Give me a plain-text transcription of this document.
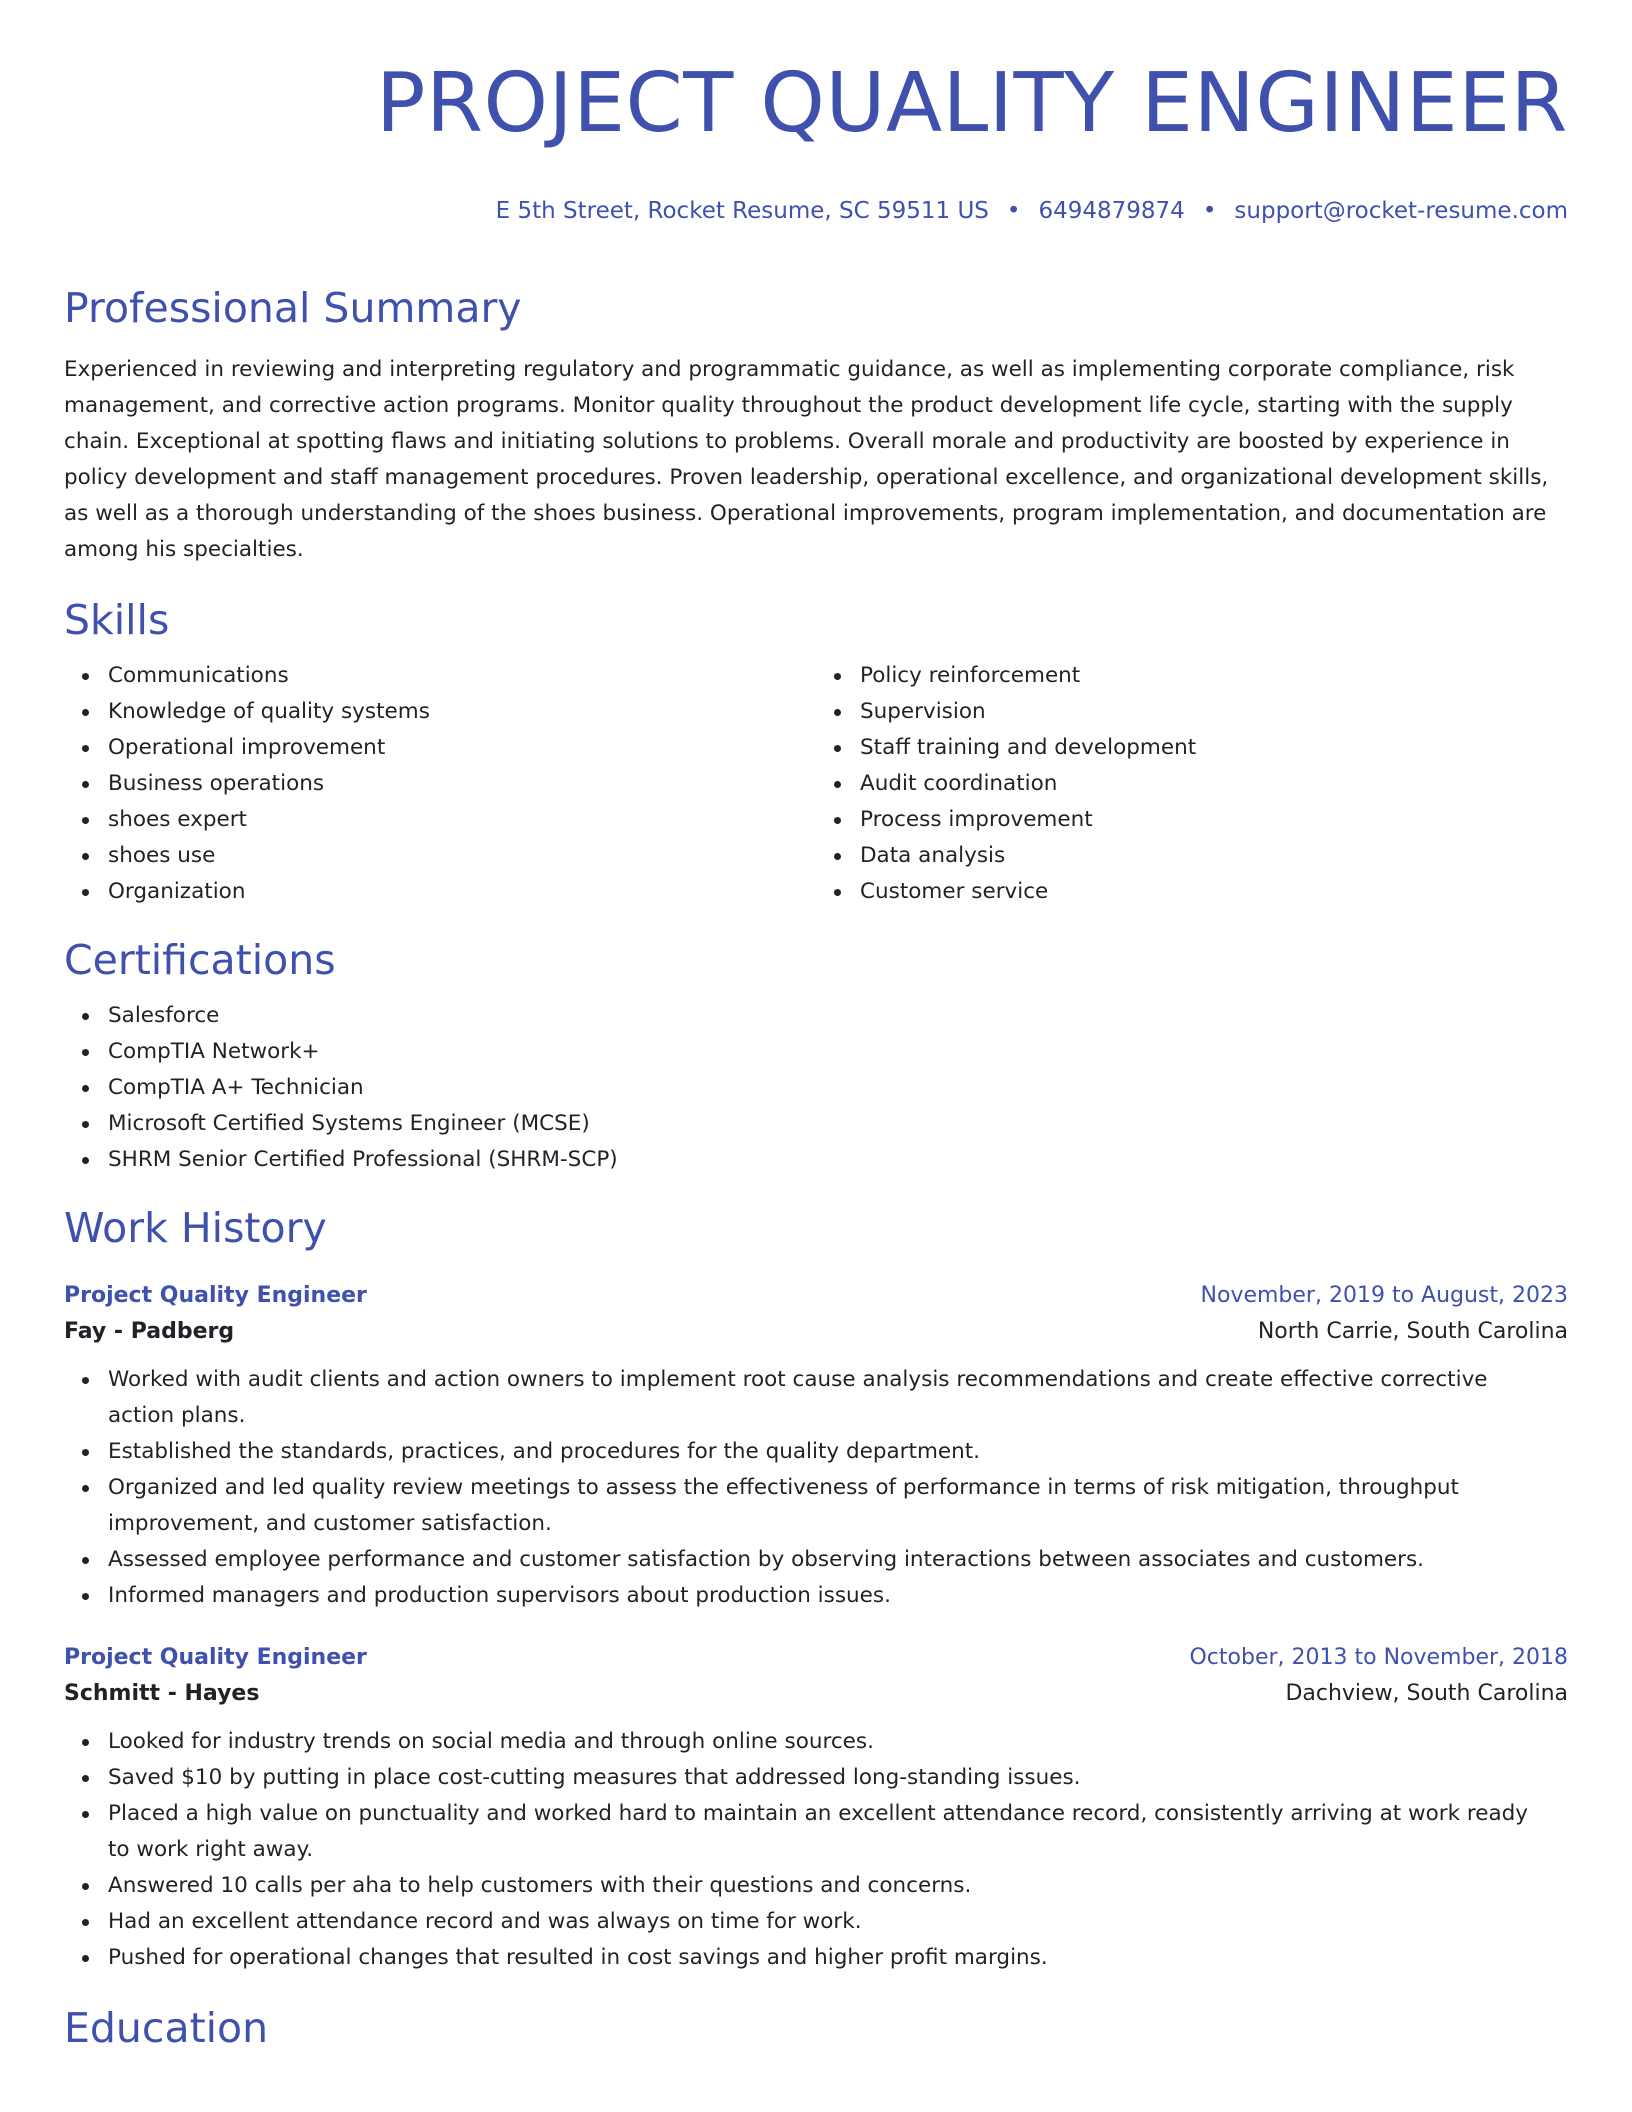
PROJECT QUALITY ENGINEER
E 5th Street, Rocket Resume, SC 59511 US • 6494879874 • support@rocket-resume.com
Professional Summary

Experienced in reviewing and interpreting regulatory and programmatic guidance, as well as implementing corporate compliance, risk management, and corrective action programs. Monitor quality throughout the product development life cycle, starting with the supply chain. Exceptional at spotting flaws and initiating solutions to problems. Overall morale and productivity are boosted by experience in policy development and staff management procedures. Proven leadership, operational excellence, and organizational development skills, as well as a thorough understanding of the shoes business. Operational improvements, program implementation, and documentation are among his specialties.

Skills
Communications
Knowledge of quality systems
Operational improvement
Business operations
shoes expert
shoes use
Organization
Policy reinforcement
Supervision
Staff training and development
Audit coordination
Process improvement
Data analysis
Customer service
Certifications
Salesforce
CompTIA Network+
CompTIA A+ Technician
Microsoft Certified Systems Engineer (MCSE)
SHRM Senior Certified Professional (SHRM-SCP)
Work History
Project Quality Engineer	November, 2019 to August, 2023
Fay - Padberg	North Carrie, South Carolina
Worked with audit clients and action owners to implement root cause analysis recommendations and create effective corrective action plans.
Established the standards, practices, and procedures for the quality department.
Organized and led quality review meetings to assess the effectiveness of performance in terms of risk mitigation, throughput improvement, and customer satisfaction.
Assessed employee performance and customer satisfaction by observing interactions between associates and customers.
Informed managers and production supervisors about production issues.
Project Quality Engineer	October, 2013 to November, 2018
Schmitt - Hayes	Dachview, South Carolina
Looked for industry trends on social media and through online sources.
Saved $10 by putting in place cost-cutting measures that addressed long-standing issues.
Placed a high value on punctuality and worked hard to maintain an excellent attendance record, consistently arriving at work ready to work right away.
Answered 10 calls per aha to help customers with their questions and concerns.
Had an excellent attendance record and was always on time for work.
Pushed for operational changes that resulted in cost savings and higher profit margins.
Education
